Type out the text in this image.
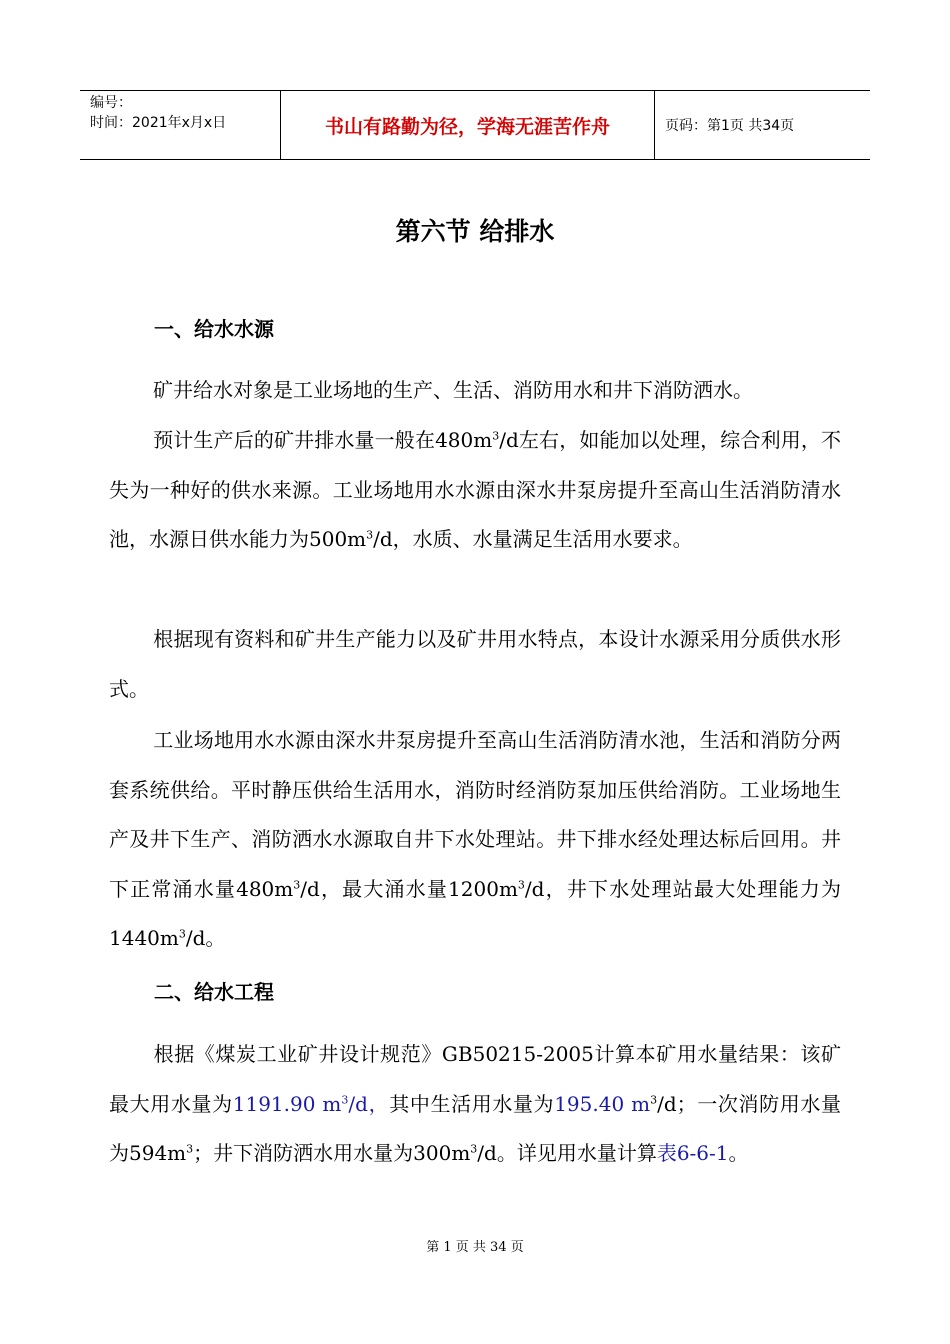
编号：
时间：2021年x月x日	书山有路勤为径，学海无涯苦作舟	页码：第1页 共34页
第六节 给排水
一、给水水源

矿井给水对象是工业场地的生产、生活、消防用水和井下消防洒水。

预计生产后的矿井排水量一般在$480m^3/d$左右，如能加以处理，综合利用，不失为一种好的供水来源。工业场地用水水源由深水井泵房提升至高山生活消防清水池，水源日供水能力为$500m^3/d$，水质、水量满足生活用水要求。

根据现有资料和矿井生产能力以及矿井用水特点，本设计水源采用分质供水形式。

工业场地用水水源由深水井泵房提升至高山生活消防清水池，生活和消防分两套系统供给。平时静压供给生活用水，消防时经消防泵加压供给消防。工业场地生产及井下生产、消防洒水水源取自井下水处理站。井下排水经处理达标后回用。井下正常涌水量$480m^3/d$，最大涌水量$1200m^3/d$，井下水处理站最大处理能力为$1440m^3/d$。

二、给水工程

根据《煤炭工业矿井设计规范》GB50215-2005计算本矿用水量结果：该矿最大用水量为1191.90 $m^3/d$，其中生活用水量为195.40 $m^3/d$；一次消防用水量为$594m^3$；井下消防洒水用水量为$300m^3/d$。详见用水量计算表6-6-1。

第 1 页 共 34 页
